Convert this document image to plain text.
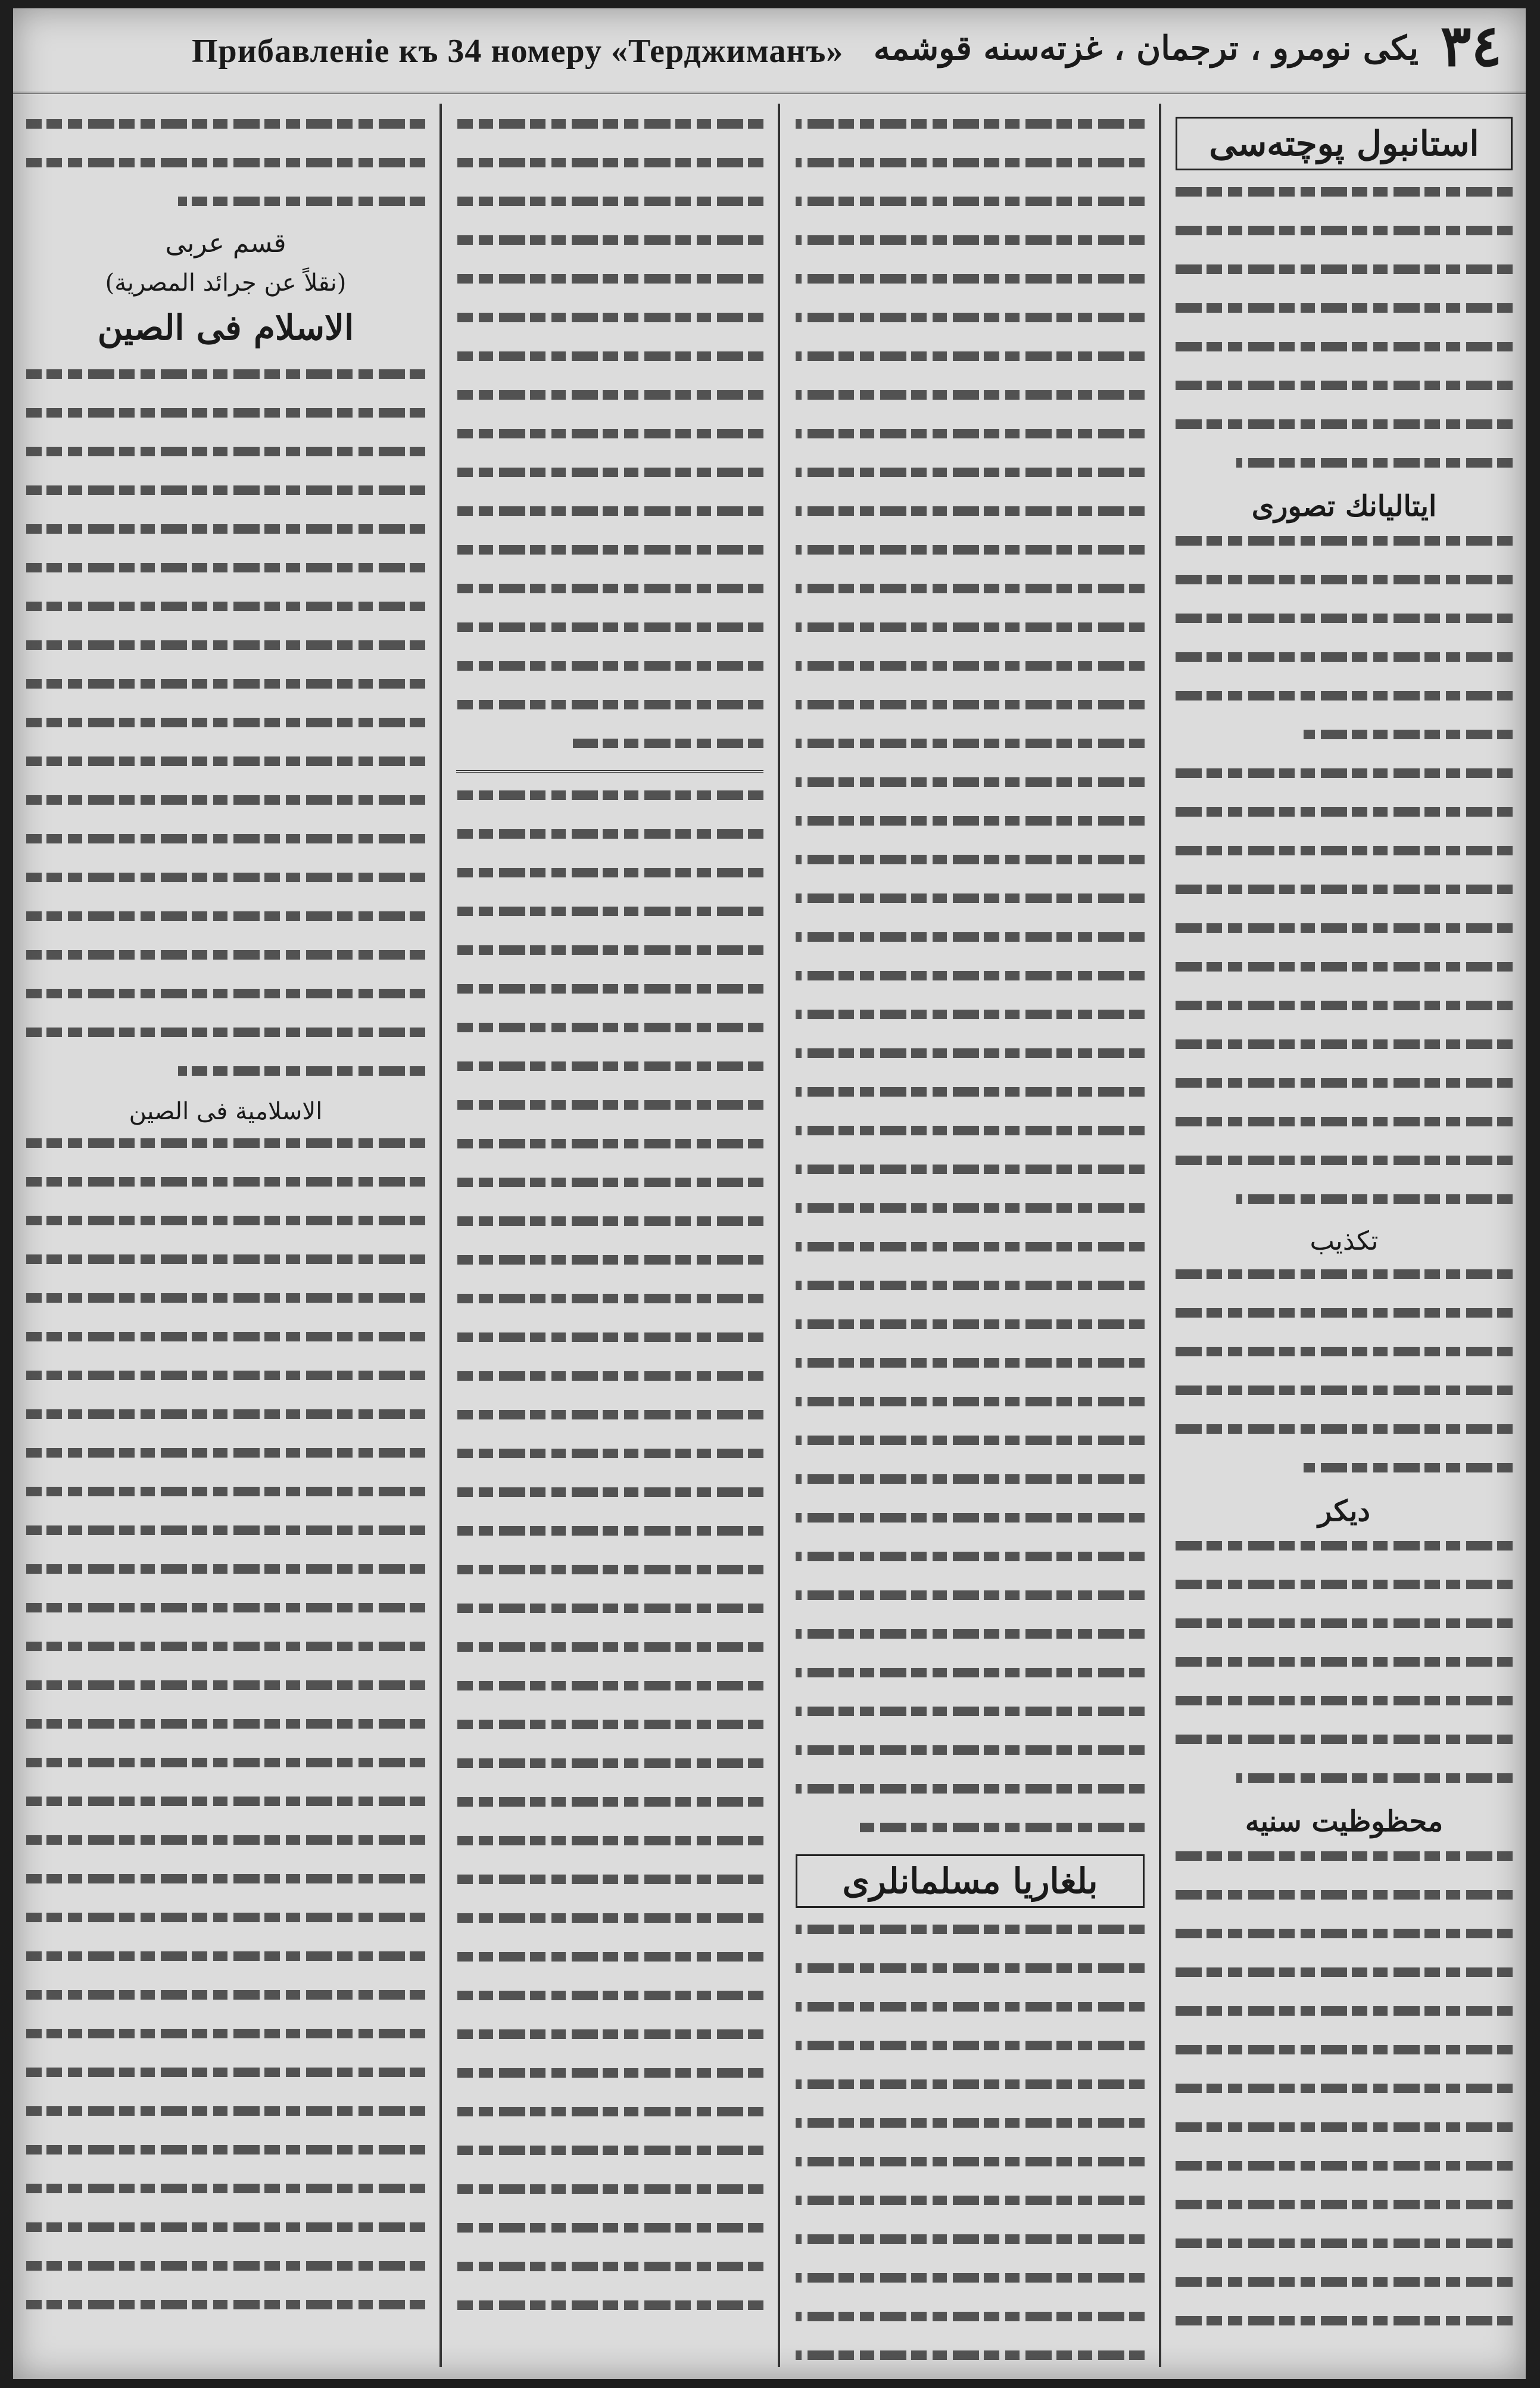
Прибавленіе къ 34 номеру «Терджиманъ» یکی نومرو ، ترجمان ، غزته‌سنه قوشمه ٣٤
استانبول پوچته‌سی
ایتالیانك تصوری
تکذیب
دیکر
محظوظیت سنیه
بلغاریا مسلمانلری
قسم عربی
(نقلاً عن جرائد المصریة)
الاسلام فی الصین
الاسلامیة فی الصین
